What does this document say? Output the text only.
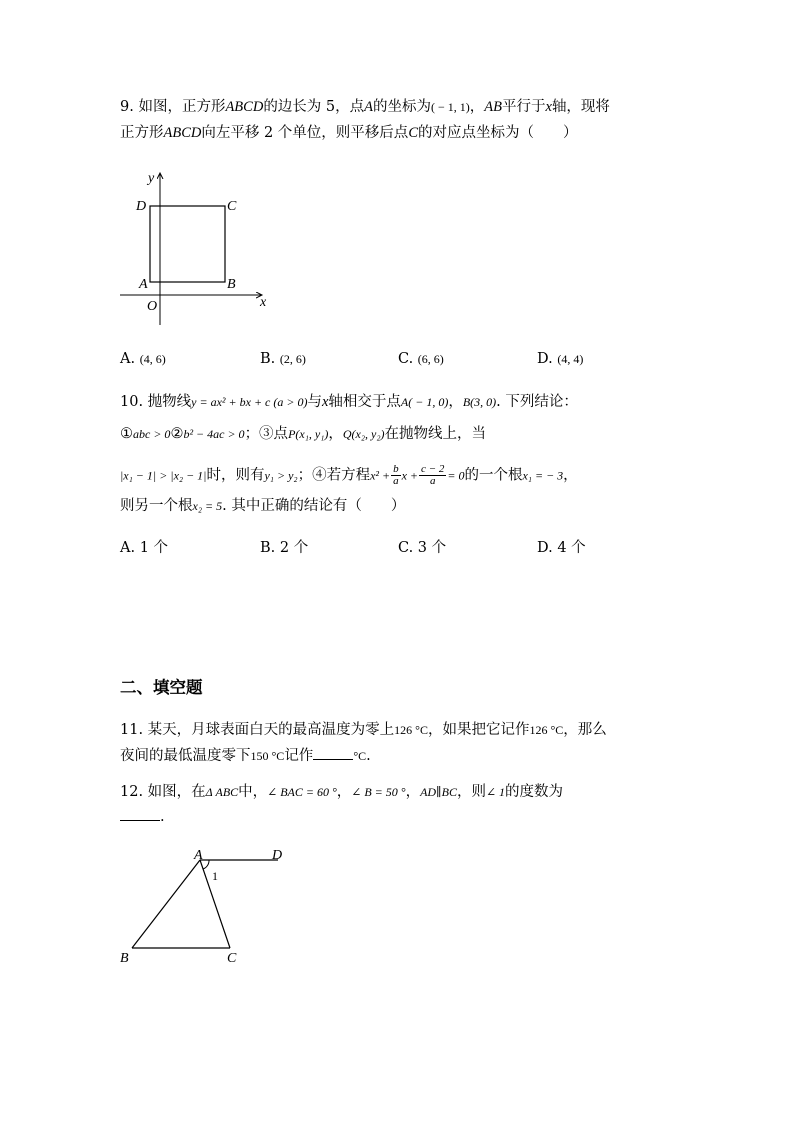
9. 如图，正方形ABCD的边长为 5，点A的坐标为( − 1, 1)，AB平行于x轴，现将
正方形ABCD向左平移 2 个单位，则平移后点C的对应点坐标为（　　）
y
x
O
A	B
C
D
A. (4, 6)	B. (2, 6)	C. (6, 6)	D. (4, 4)
10. 抛物线y = ax² + bx + c (a > 0)与x轴相交于点A( − 1, 0)，B(3, 0). 下列结论：
①abc > 0②b² − 4ac > 0；③点P(x₁, y₁)，Q(x₂, y₂)在抛物线上，当
|x₁ − 1| > |x₂ − 1|时，则有y₁ > y₂；④若方程$x^2 + \frac{b}{a}$ $x + \frac{c - 2}{a} = 0$的一个根x₁ = − 3，
则另一个根x₂ = 5. 其中正确的结论有（　　）
A. 1 个	B. 2 个	C. 3 个	D. 4 个
二、填空题
11. 某天，月球表面白天的最高温度为零上126 °C，如果把它记作126 °C，那么
夜间的最低温度零下150 °C记作	°C.
12. 如图，在Δ ABC中，∠ BAC = 60 °，∠ B = 50 °，AD∥BC，则∠ 1的度数为
.
A	D
B	C
1
